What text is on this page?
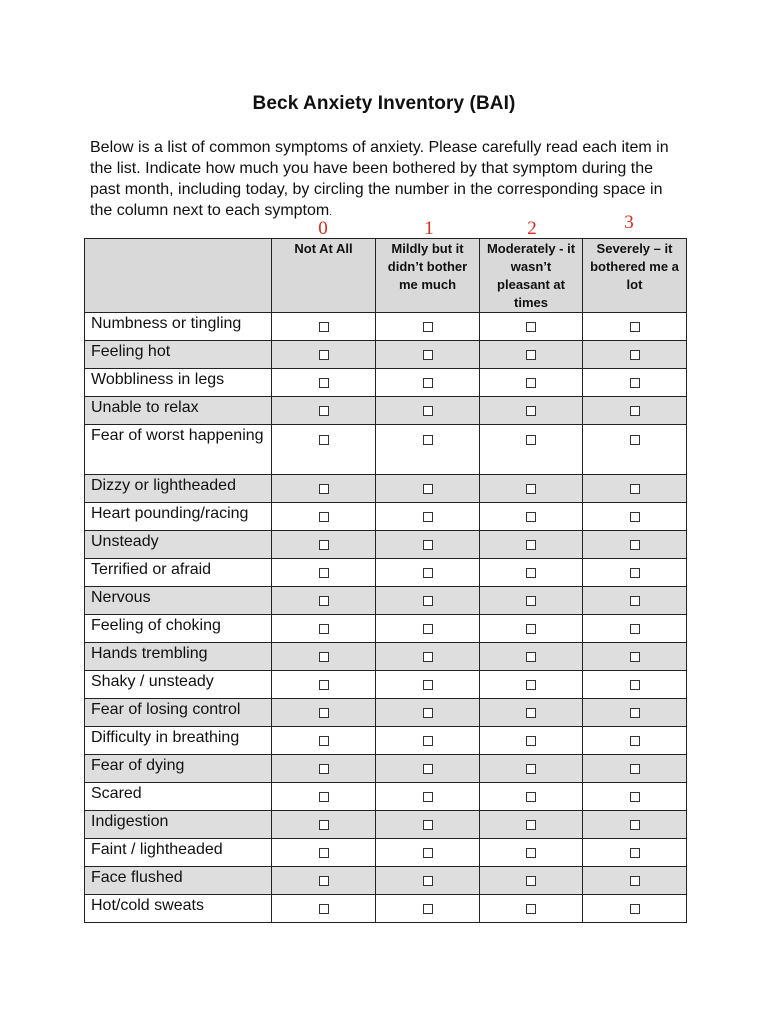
Beck Anxiety Inventory (BAI)
Below is a list of common symptoms of anxiety. Please carefully read each item in the list. Indicate how much you have been bothered by that symptom during the past month, including today, by circling the number in the corresponding space in the column next to each symptom.
0	1	2	3

	Not At All	Mildly but it didn’t bother me much	Moderately - it wasn’t pleasant at times	Severely – it bothered me a lot

Numbness or tingling				
Feeling hot				
Wobbliness in legs				
Unable to relax				
Fear of worst happening				
Dizzy or lightheaded				
Heart pounding/racing				
Unsteady				
Terrified or afraid				
Nervous				
Feeling of choking				
Hands trembling				
Shaky / unsteady				
Fear of losing control				
Difficulty in breathing				
Fear of dying				
Scared				
Indigestion				
Faint / lightheaded				
Face flushed				
Hot/cold sweats				
